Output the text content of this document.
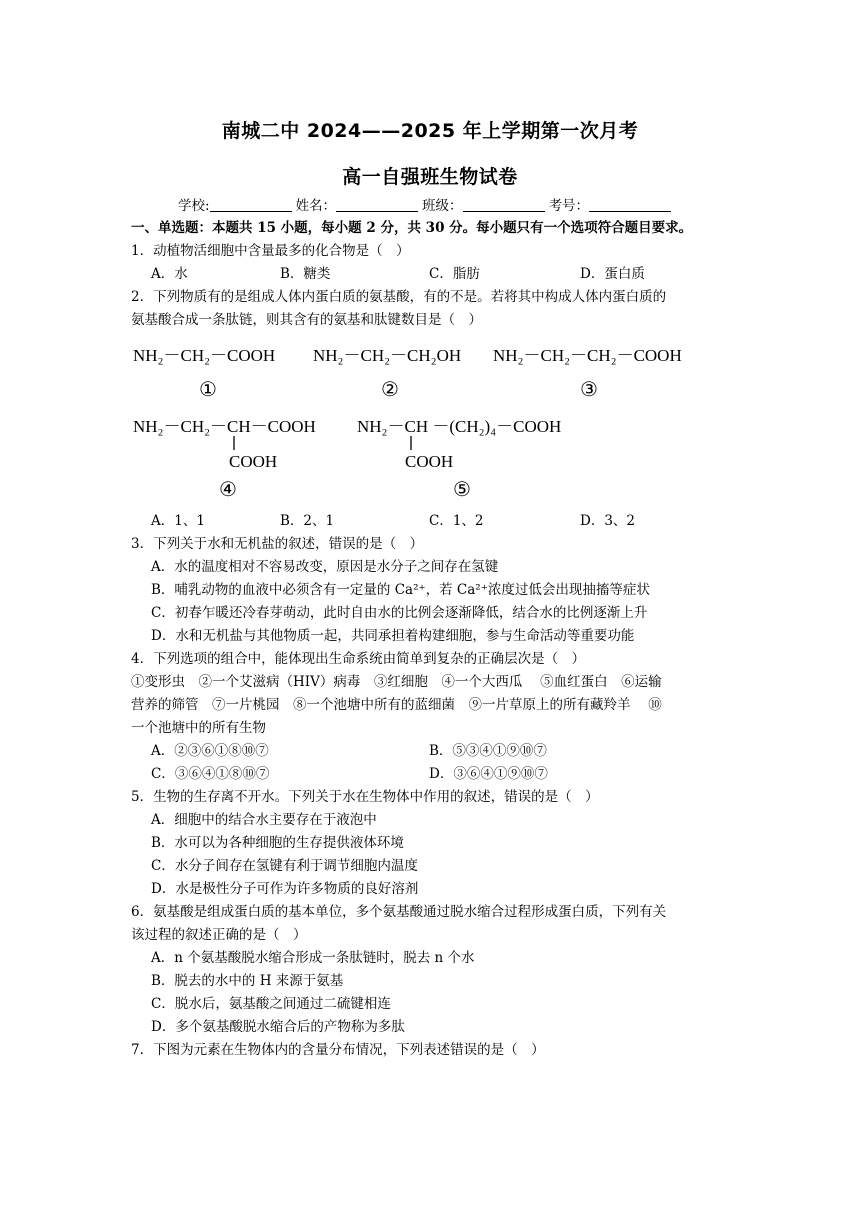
南城二中 2024——2025 年上学期第一次月考
高一自强班生物试卷
学校:	姓名：	班级：	考号：
一、单选题：本题共 15 小题，每小题 2 分，共 30 分。每小题只有一个选项符合题目要求。
1．动植物活细胞中含量最多的化合物是（　）
A．水	B．糖类	C．脂肪	D．蛋白质
2．下列物质有的是组成人体内蛋白质的氨基酸，有的不是。若将其中构成人体内蛋白质的
氨基酸合成一条肽链，则其含有的氨基和肽键数目是（　）
NH₂－CH₂－COOH NH₂－CH₂－CH₂OH NH₂－CH₂－CH₂－COOH
①	②	③
NH₂－CH₂－CH－COOH
COOH
④
NH₂－CH －(CH₂)₄－COOH
COOH
⑤
A．1、1	B．2、1	C．1、2	D．3、2
3．下列关于水和无机盐的叙述，错误的是（　）
A．水的温度相对不容易改变，原因是水分子之间存在氢键
B．哺乳动物的血液中必须含有一定量的 Ca²⁺，若 Ca²⁺浓度过低会出现抽搐等症状
C．初春乍暖还冷春芽萌动，此时自由水的比例会逐渐降低，结合水的比例逐渐上升
D．水和无机盐与其他物质一起，共同承担着构建细胞，参与生命活动等重要功能
4．下列选项的组合中，能体现出生命系统由简单到复杂的正确层次是（　）
①变形虫　②一个艾滋病（HIV）病毒　③红细胞　④一个大西瓜　 ⑤血红蛋白　⑥运输
营养的筛管　⑦一片桃园　⑧一个池塘中所有的蓝细菌　⑨一片草原上的所有藏羚羊　 ⑩
一个池塘中的所有生物
A．②③⑥①⑧⑩⑦	B．⑤③④①⑨⑩⑦
C．③⑥④①⑧⑩⑦	D．③⑥④①⑨⑩⑦
5．生物的生存离不开水。下列关于水在生物体中作用的叙述，错误的是（　）
A．细胞中的结合水主要存在于液泡中
B．水可以为各种细胞的生存提供液体环境
C．水分子间存在氢键有利于调节细胞内温度
D．水是极性分子可作为许多物质的良好溶剂
6．氨基酸是组成蛋白质的基本单位，多个氨基酸通过脱水缩合过程形成蛋白质，下列有关
该过程的叙述正确的是（　）
A．n 个氨基酸脱水缩合形成一条肽链时，脱去 n 个水
B．脱去的水中的 H 来源于氨基
C．脱水后，氨基酸之间通过二硫键相连
D．多个氨基酸脱水缩合后的产物称为多肽
7．下图为元素在生物体内的含量分布情况，下列表述错误的是（　）
